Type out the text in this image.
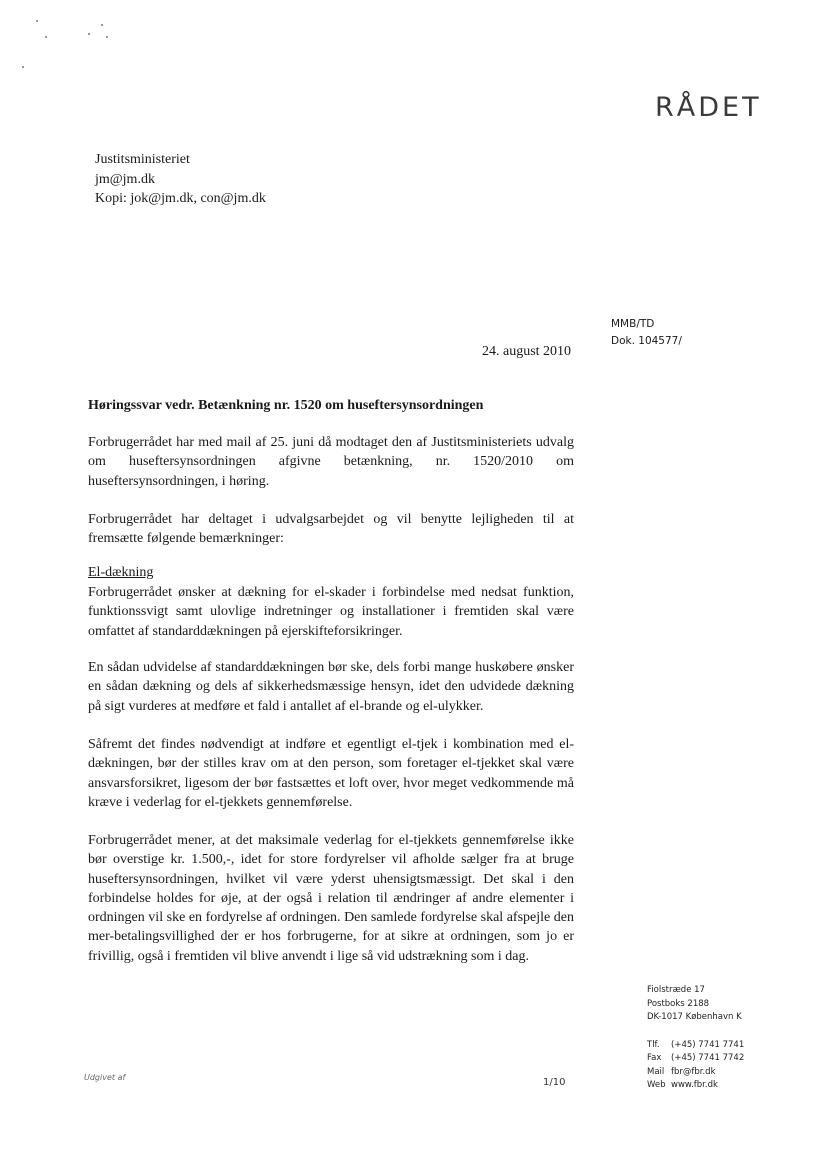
RÅDET
Justitsministeriet
jm@jm.dk
Kopi: jok@jm.dk, con@jm.dk
MMB/TD
Dok. 104577/
24. august 2010
Høringssvar vedr. Betænkning nr. 1520 om huseftersynsordningen

Forbrugerrådet har med mail af 25. juni då modtaget den af Justitsministeriets udvalg om huseftersynsordningen afgivne betænkning, nr. 1520/2010 om huseftersynsordningen, i høring.

Forbrugerrådet har deltaget i udvalgsarbejdet og vil benytte lejligheden til at fremsætte følgende bemærkninger:

El-dækning

Forbrugerrådet ønsker at dækning for el-skader i forbindelse med nedsat funktion, funktionssvigt samt ulovlige indretninger og installationer i fremtiden skal være omfattet af standarddækningen på ejerskifteforsikringer.

En sådan udvidelse af standarddækningen bør ske, dels forbi mange huskøbere ønsker en sådan dækning og dels af sikkerhedsmæssige hensyn, idet den udvidede dækning på sigt vurderes at medføre et fald i antallet af el-brande og el-ulykker.

Såfremt det findes nødvendigt at indføre et egentligt el-tjek i kombination med el-dækningen, bør der stilles krav om at den person, som foretager el-tjekket skal være ansvarsforsikret, ligesom der bør fastsættes et loft over, hvor meget vedkommende må kræve i vederlag for el-tjekkets gennemførelse.

Forbrugerrådet mener, at det maksimale vederlag for el-tjekkets gennemførelse ikke bør overstige kr. 1.500,-, idet for store fordyrelser vil afholde sælger fra at bruge huseftersynsordningen, hvilket vil være yderst uhensigtsmæssigt. Det skal i den forbindelse holdes for øje, at der også i relation til ændringer af andre elementer i ordningen vil ske en fordyrelse af ordningen. Den samlede fordyrelse skal afspejle den mer-betalingsvillighed der er hos forbrugerne, for at sikre at ordningen, som jo er frivillig, også i fremtiden vil blive anvendt i lige så vid udstrækning som i dag.

Fiolstræde 17
Postboks 2188
DK-1017 København K
Tlf.	(+45) 7741 7741
Fax	(+45) 7741 7742
Mail fbr@fbr.dk
Web www.fbr.dk
Udgivet af	1/10
